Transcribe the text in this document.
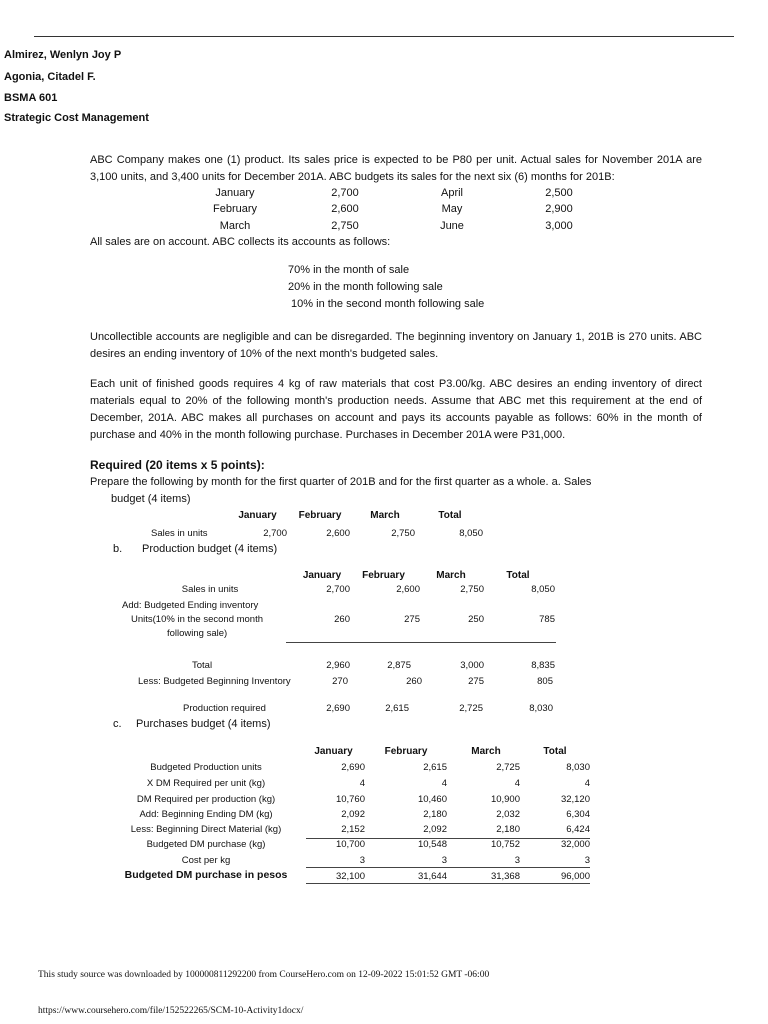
Almirez, Wenlyn Joy P
Agonia, Citadel F.
BSMA 601
Strategic Cost Management
ABC Company makes one (1) product. Its sales price is expected to be P80 per unit. Actual sales for November 201A are 3,100 units, and 3,400 units for December 201A. ABC budgets its sales for the next six (6) months for 201B:
January	2,700	April	2,500
February	2,600	May	2,900
March	2,750	June	3,000
All sales are on account. ABC collects its accounts as follows:
70% in the month of sale
20% in the month following sale
10% in the second month following sale
Uncollectible accounts are negligible and can be disregarded. The beginning inventory on January 1, 201B is 270 units. ABC desires an ending inventory of 10% of the next month's budgeted sales.
Each unit of finished goods requires 4 kg of raw materials that cost P3.00/kg. ABC desires an ending inventory of direct materials equal to 20% of the following month's production needs. Assume that ABC met this requirement at the end of December, 201A. ABC makes all purchases on account and pays its accounts payable as follows: 60% in the month of purchase and 40% in the month following purchase. Purchases in December 201A were P31,000.
Required (20 items x 5 points):
Prepare the following by month for the first quarter of 201B and for the first quarter as a whole. a. Sales
budget (4 items)
January	February	March	Total
Sales in units	2,700	2,600	2,750	8,050
b. Production budget (4 items)
January	February	March	Total
Sales in units	2,700	2,600	2,750	8,050
Add: Budgeted Ending inventory
Units(10% in the second month	260	275	250	785
following sale)
Total	2,960	2,875	3,000	8,835
Less: Budgeted Beginning Inventory	270	260	275	805
Production required	2,690	2,615	2,725	8,030
c. Purchases budget (4 items)
January	February	March	Total
Budgeted Production units	2,690	2,615	2,725	8,030
X DM Required per unit (kg)	4	4	4	4
DM Required per production (kg)	10,760	10,460	10,900	32,120
Add: Beginning Ending DM (kg)	2,092	2,180	2,032	6,304
Less: Beginning Direct Material (kg)	2,152	2,092	2,180	6,424
Budgeted DM purchase (kg)	10,700	10,548	10,752	32,000
Cost per kg	3	3	3	3
Budgeted DM purchase in pesos	32,100	31,644	31,368	96,000
This study source was downloaded by 100000811292200 from CourseHero.com on 12-09-2022 15:01:52 GMT -06:00
https://www.coursehero.com/file/152522265/SCM-10-Activity1docx/
